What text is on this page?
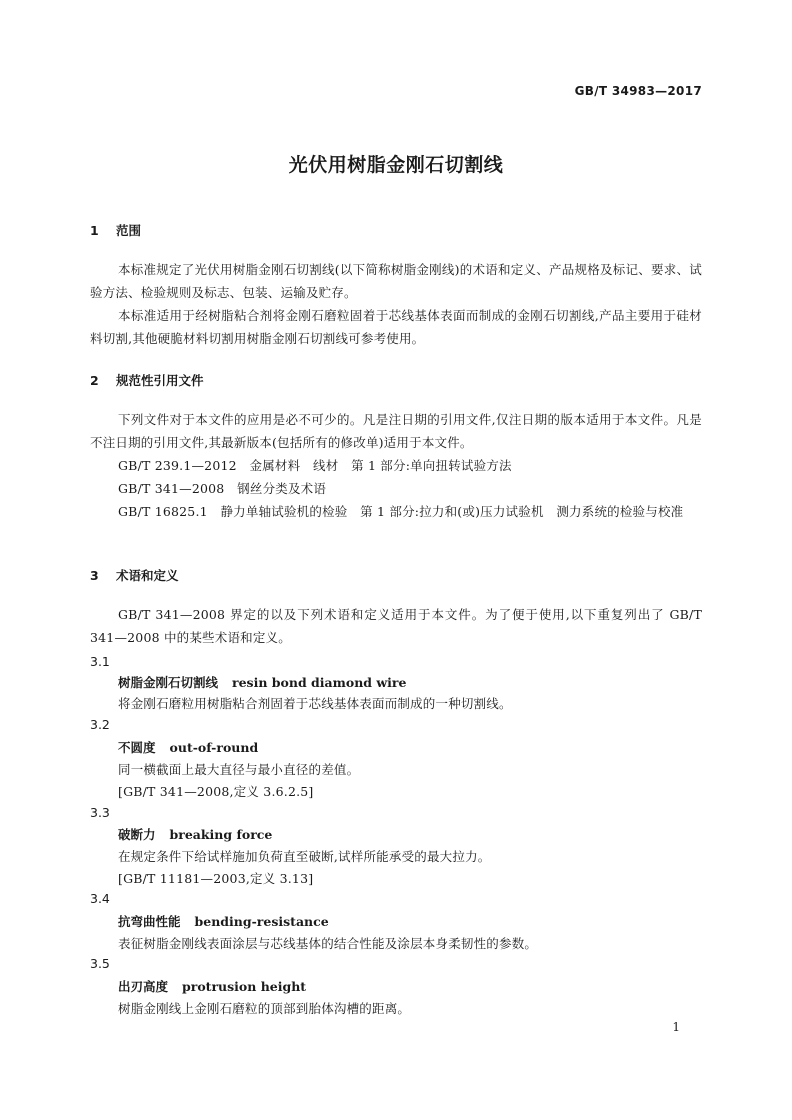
GB/T 34983—2017
光伏用树脂金刚石切割线
1 范围
本标准规定了光伏用树脂金刚石切割线(以下简称树脂金刚线)的术语和定义、产品规格及标记、要求、试验方法、检验规则及标志、包装、运输及贮存。
本标准适用于经树脂粘合剂将金刚石磨粒固着于芯线基体表面而制成的金刚石切割线,产品主要用于硅材料切割,其他硬脆材料切割用树脂金刚石切割线可参考使用。
2 规范性引用文件
下列文件对于本文件的应用是必不可少的。凡是注日期的引用文件,仅注日期的版本适用于本文件。凡是不注日期的引用文件,其最新版本(包括所有的修改单)适用于本文件。
GB/T 239.1—2012　金属材料　线材　第 1 部分:单向扭转试验方法
GB/T 341—2008　钢丝分类及术语
GB/T 16825.1　静力单轴试验机的检验　第 1 部分:拉力和(或)压力试验机　测力系统的检验与校准
3 术语和定义
GB/T 341—2008 界定的以及下列术语和定义适用于本文件。为了便于使用,以下重复列出了 GB/T 341—2008 中的某些术语和定义。
3.1
树脂金刚石切割线 resin bond diamond wire
将金刚石磨粒用树脂粘合剂固着于芯线基体表面而制成的一种切割线。
3.2
不圆度 out-of-round
同一横截面上最大直径与最小直径的差值。
[GB/T 341—2008,定义 3.6.2.5]
3.3
破断力 breaking force
在规定条件下给试样施加负荷直至破断,试样所能承受的最大拉力。
[GB/T 11181—2003,定义 3.13]
3.4
抗弯曲性能 bending-resistance
表征树脂金刚线表面涂层与芯线基体的结合性能及涂层本身柔韧性的参数。
3.5
出刃高度 protrusion height
树脂金刚线上金刚石磨粒的顶部到胎体沟槽的距离。
1
